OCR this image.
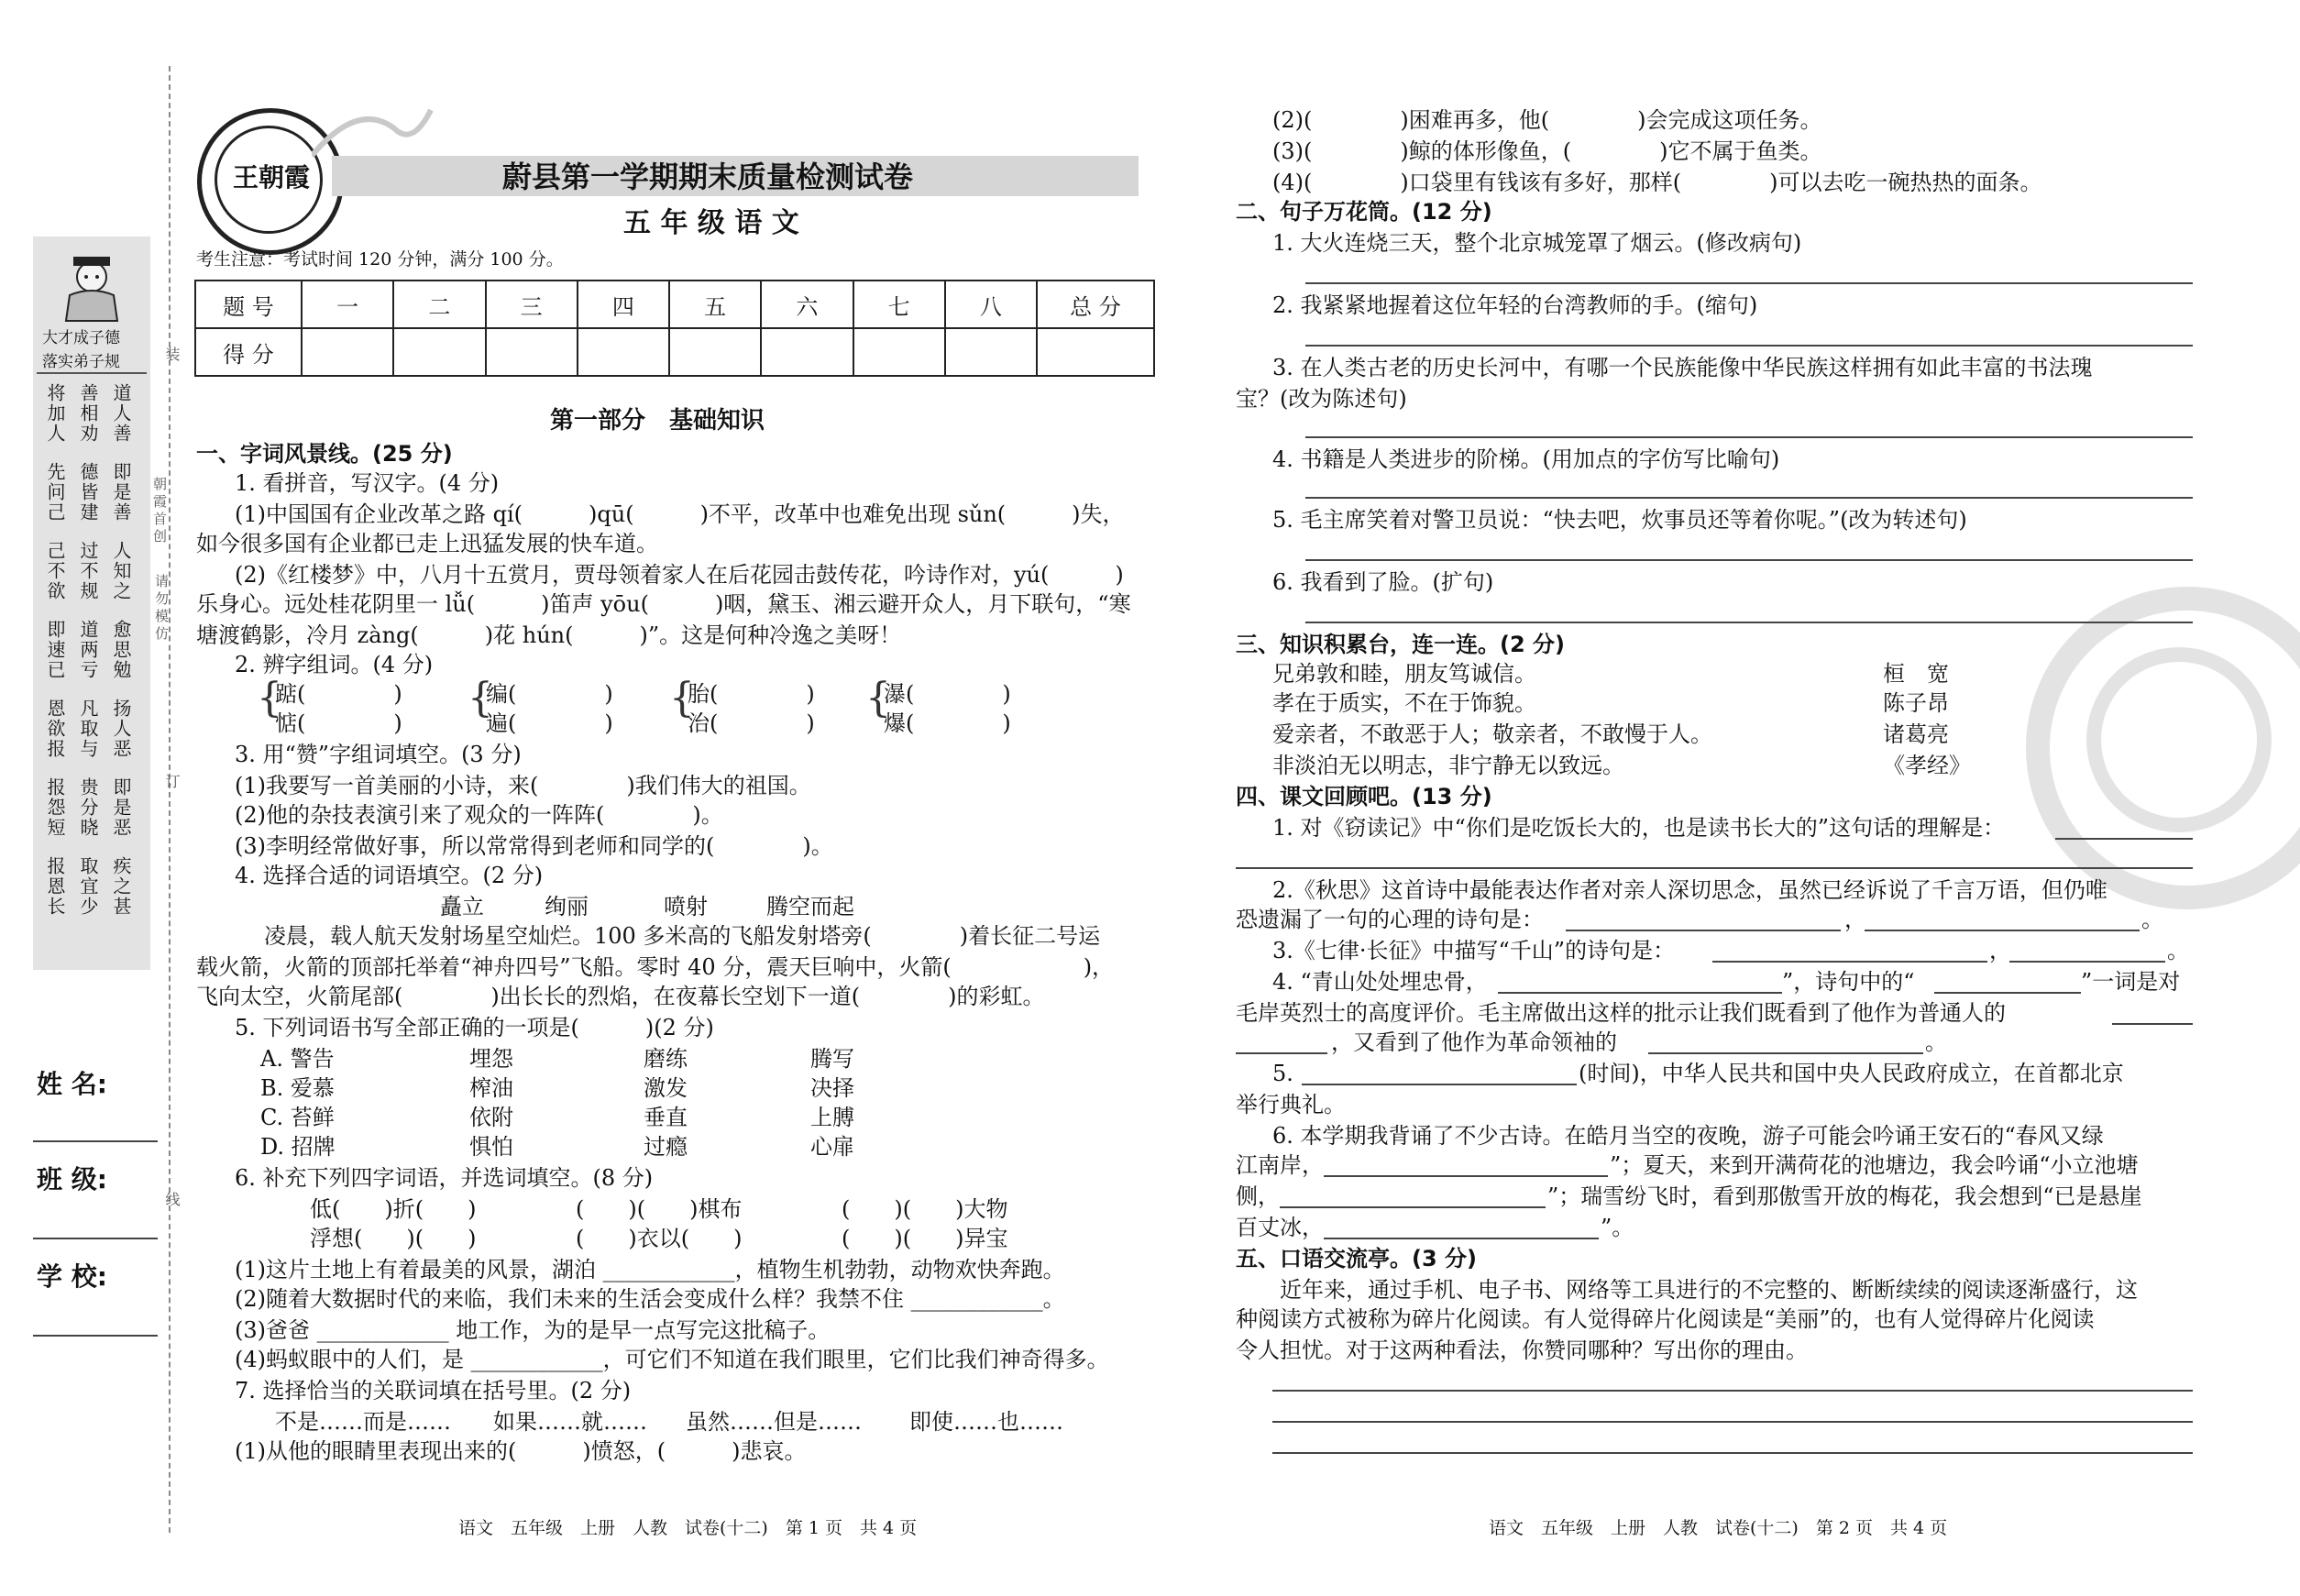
装
订
线
朝霞首创
请勿模仿
大才成子德
落实弟子规
将加人
先问己
己不欲
即速已
恩欲报
报怨短
报恩长
善相劝
德皆建
过不规
道两亏
凡取与
贵分晓
取宜少
道人善
即是善
人知之
愈思勉
扬人恶
即是恶
疾之甚
姓 名:
班 级:
学 校:
王朝霞	蔚县第一学期期末质量检测试卷
五 年 级 语 文
考生注意：考试时间 120 分钟，满分 100 分。
题 号	一	二	三	四	五	六	七	八	总 分
得 分									
第一部分　基础知识
一、字词风景线。(25 分)
1. 看拼音，写汉字。(4 分)
(1)中国国有企业改革之路 qí(　　　)qū(　　　)不平，改革中也难免出现 sǔn(　　　)失，
如今很多国有企业都已走上迅猛发展的快车道。
(2)《红楼梦》中，八月十五赏月，贾母领着家人在后花园击鼓传花，吟诗作对，yú(　　　)
乐身心。远处桂花阴里一 lǚ(　　　)笛声 yōu(　　　)咽，黛玉、湘云避开众人，月下联句，“寒
塘渡鹤影，冷月 zàng(　　　)花 hún(　　　)”。这是何种冷逸之美呀！
2. 辨字组词。(4 分)
{
踮(　　　　)
惦(　　　　)
{
编(　　　　)
遍(　　　　)
{
胎(　　　　)
治(　　　　)
{
瀑(　　　　)
爆(　　　　)
3. 用“赞”字组词填空。(3 分)
(1)我要写一首美丽的小诗，来(　　　　)我们伟大的祖国。
(2)他的杂技表演引来了观众的一阵阵(　　　　)。
(3)李明经常做好事，所以常常得到老师和同学的(　　　　)。
4. 选择合适的词语填空。(2 分)
矗立	绚丽	喷射	腾空而起
凌晨，载人航天发射场星空灿烂。100 多米高的飞船发射塔旁(　　　　)着长征二号运
载火箭，火箭的顶部托举着“神舟四号”飞船。零时 40 分，震天巨响中，火箭(　　　　　　)，
飞向太空，火箭尾部(　　　　)出长长的烈焰，在夜幕长空划下一道(　　　　)的彩虹。
5. 下列词语书写全部正确的一项是(　　　)(2 分)
A. 警告	埋怨	磨练	腾写
B. 爱慕	榨油	激发	决择
C. 苔鲜	依附	垂直	上膊
D. 招牌	惧怕	过瘾	心扉
6. 补充下列四字词语，并选词填空。(8 分)
低(　　)折(　　)	(　　)(　　)棋布	(　　)(　　)大物
浮想(　　)(　　)	(　　)衣以(　　)	(　　)(　　)异宝
(1)这片土地上有着最美的风景，湖泊 ____________，植物生机勃勃，动物欢快奔跑。
(2)随着大数据时代的来临，我们未来的生活会变成什么样？我禁不住 ____________。
(3)爸爸 ____________ 地工作，为的是早一点写完这批稿子。
(4)蚂蚁眼中的人们，是 ____________，可它们不知道在我们眼里，它们比我们神奇得多。
7. 选择恰当的关联词填在括号里。(2 分)
不是……而是…… 如果……就…… 虽然……但是…… 即使……也……
(1)从他的眼睛里表现出来的(　　　)愤怒，(　　　)悲哀。
语文　五年级　上册　人教　试卷(十二)　第 1 页　共 4 页
(2)(　　　　)困难再多，他(　　　　)会完成这项任务。
(3)(　　　　)鲸的体形像鱼，(　　　　)它不属于鱼类。
(4)(　　　　)口袋里有钱该有多好，那样(　　　　)可以去吃一碗热热的面条。
二、句子万花筒。(12 分)
1. 大火连烧三天，整个北京城笼罩了烟云。(修改病句)
2. 我紧紧地握着这位年轻的台湾教师的手。(缩句)
3. 在人类古老的历史长河中，有哪一个民族能像中华民族这样拥有如此丰富的书法瑰
宝？(改为陈述句)
4. 书籍是人类进步的阶梯。(用加点的字仿写比喻句)
5. 毛主席笑着对警卫员说：“快去吧，炊事员还等着你呢。”(改为转述句)
6. 我看到了脸。(扩句)
三、知识积累台，连一连。(2 分)
兄弟敦和睦，朋友笃诚信。
孝在于质实，不在于饰貌。
爱亲者，不敢恶于人；敬亲者，不敢慢于人。
非淡泊无以明志，非宁静无以致远。
桓　宽
陈子昂
诸葛亮
《孝经》
四、课文回顾吧。(13 分)
1. 对《窃读记》中“你们是吃饭长大的，也是读书长大的”这句话的理解是：
2.《秋思》这首诗中最能表达作者对亲人深切思念，虽然已经诉说了千言万语，但仍唯
恐遗漏了一句的心理的诗句是：	，	。
3.《七律·长征》中描写“千山”的诗句是：	，	。
4. “青山处处埋忠骨，	”，诗句中的“	”一词是对
毛岸英烈士的高度评价。毛主席做出这样的批示让我们既看到了他作为普通人的
，又看到了他作为革命领袖的	。
5.	(时间)，中华人民共和国中央人民政府成立，在首都北京
举行典礼。
6. 本学期我背诵了不少古诗。在皓月当空的夜晚，游子可能会吟诵王安石的“春风又绿
江南岸，	”；夏天，来到开满荷花的池塘边，我会吟诵“小立池塘
侧，	”；瑞雪纷飞时，看到那傲雪开放的梅花，我会想到“已是悬崖
百丈冰，	”。
五、口语交流亭。(3 分)
近年来，通过手机、电子书、网络等工具进行的不完整的、断断续续的阅读逐渐盛行，这
种阅读方式被称为碎片化阅读。有人觉得碎片化阅读是“美丽”的，也有人觉得碎片化阅读
令人担忧。对于这两种看法，你赞同哪种？写出你的理由。
语文　五年级　上册　人教　试卷(十二)　第 2 页　共 4 页
